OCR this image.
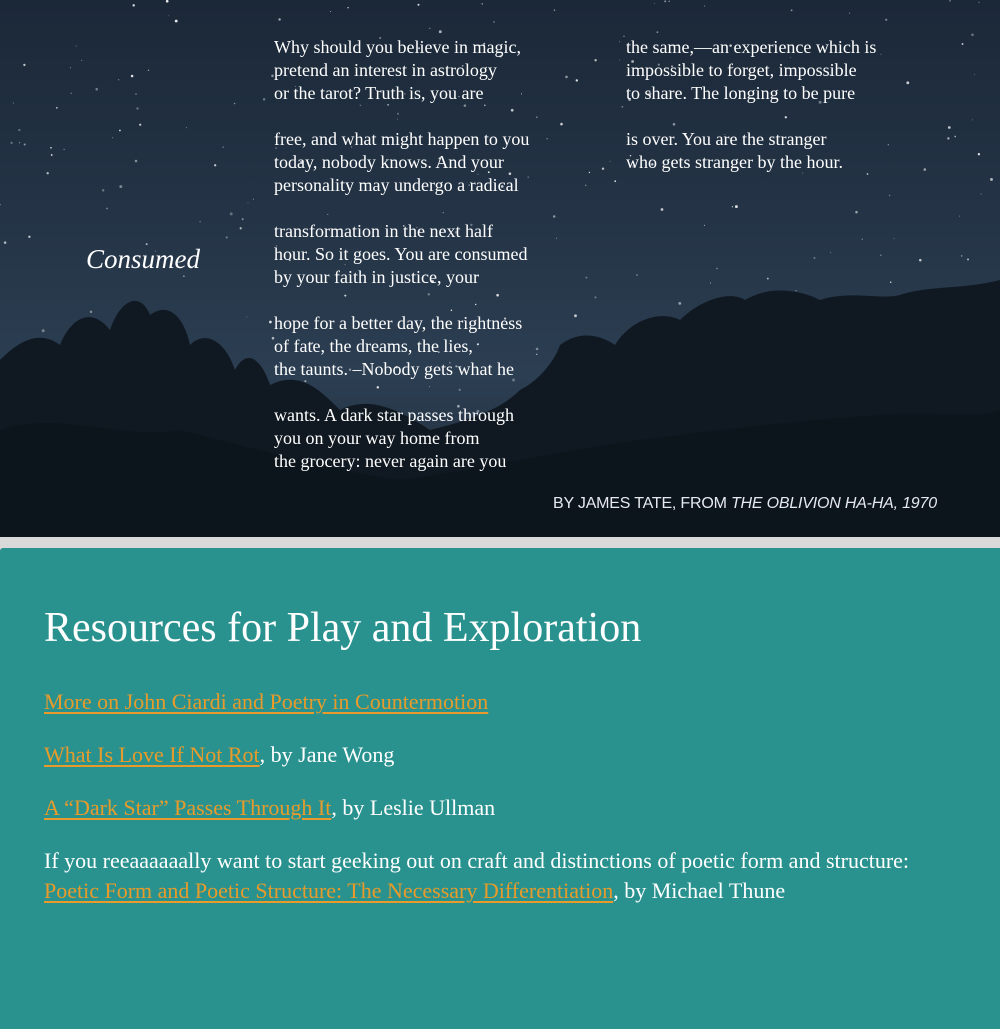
Consumed
Why should you believe in magic,
pretend an interest in astrology
or the tarot? Truth is, you are
free, and what might happen to you
today, nobody knows. And your
personality may undergo a radical
transformation in the next half
hour. So it goes. You are consumed
by your faith in justice, your
hope for a better day, the rightness
of fate, the dreams, the lies,
the taunts. –Nobody gets what he
wants. A dark star passes through
you on your way home from
the grocery: never again are you
the same,—an experience which is
impossible to forget, impossible
to share. The longing to be pure
is over. You are the stranger
who gets stranger by the hour.
BY JAMES TATE, FROM THE OBLIVION HA-HA, 1970
Resources for Play and Exploration
More on John Ciardi and Poetry in Countermotion
What Is Love If Not Rot, by Jane Wong
A “Dark Star” Passes Through It, by Leslie Ullman
If you reeaaaaaally want to start geeking out on craft and distinctions of poetic form and structure:
Poetic Form and Poetic Structure: The Necessary Differentiation, by Michael Thune
